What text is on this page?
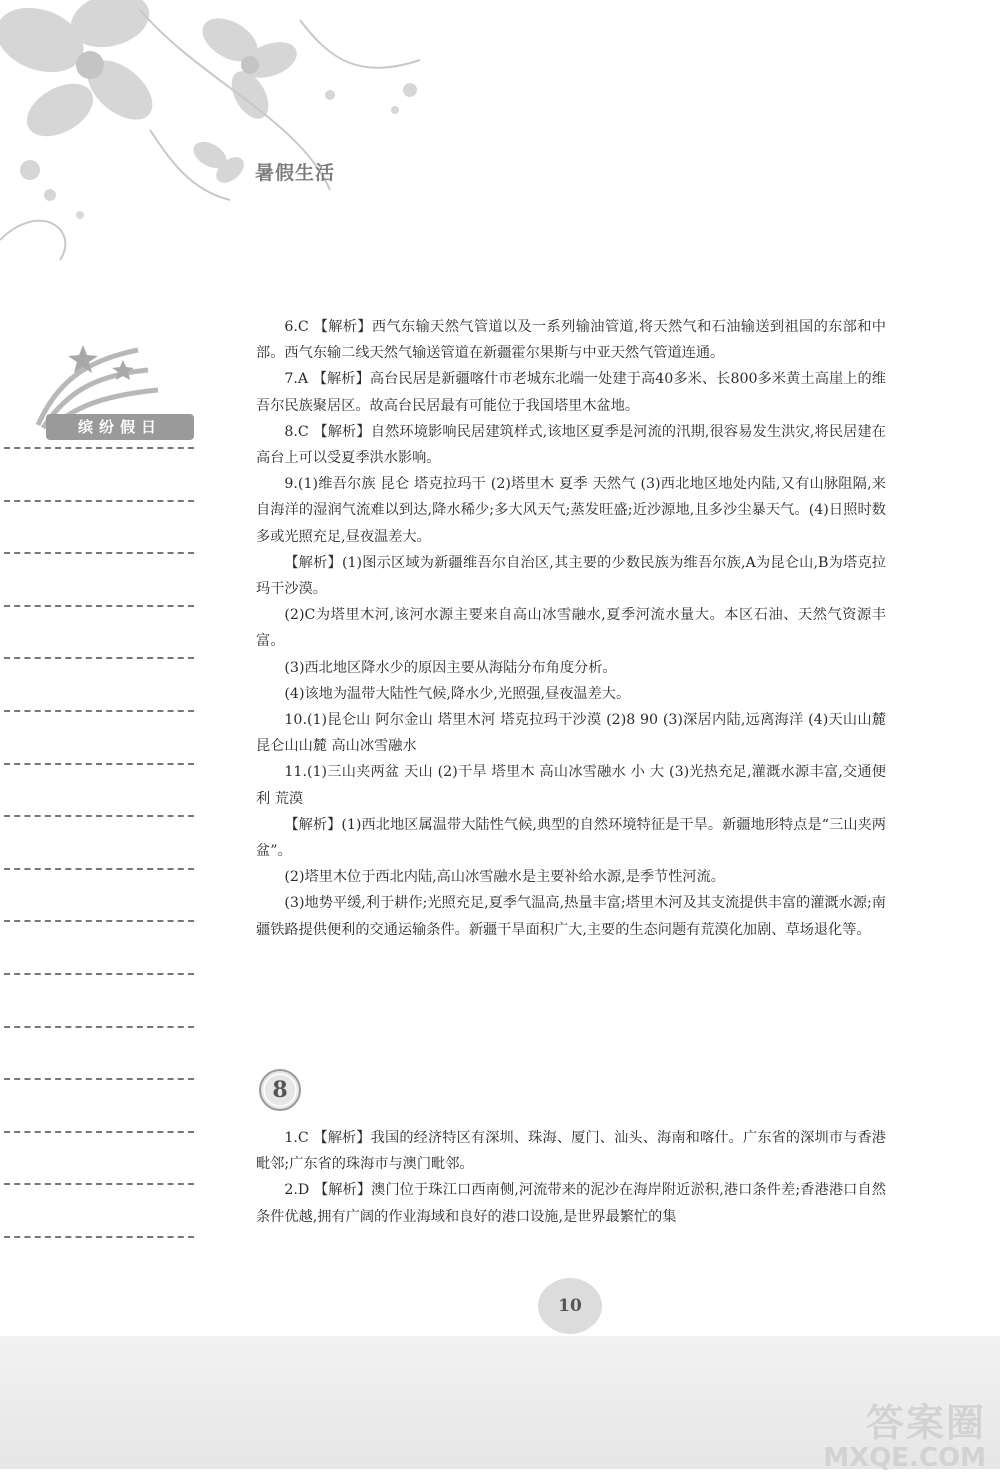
暑假生活
缤纷假日

6.C 【解析】西气东输天然气管道以及一系列输油管道,将天然气和石油输送到祖国的东部和中部。西气东输二线天然气输送管道在新疆霍尔果斯与中亚天然气管道连通。

7.A 【解析】高台民居是新疆喀什市老城东北端一处建于高40多米、长800多米黄土高崖上的维吾尔民族聚居区。故高台民居最有可能位于我国塔里木盆地。

8.C 【解析】自然环境影响民居建筑样式,该地区夏季是河流的汛期,很容易发生洪灾,将民居建在高台上可以受夏季洪水影响。

9.(1)维吾尔族 昆仑 塔克拉玛干 (2)塔里木 夏季 天然气 (3)西北地区地处内陆,又有山脉阻隔,来自海洋的湿润气流难以到达,降水稀少;多大风天气;蒸发旺盛;近沙源地,且多沙尘暴天气。(4)日照时数多或光照充足,昼夜温差大。

【解析】(1)图示区域为新疆维吾尔自治区,其主要的少数民族为维吾尔族,A为昆仑山,B为塔克拉玛干沙漠。

(2)C为塔里木河,该河水源主要来自高山冰雪融水,夏季河流水量大。本区石油、天然气资源丰富。

(3)西北地区降水少的原因主要从海陆分布角度分析。

(4)该地为温带大陆性气候,降水少,光照强,昼夜温差大。

10.(1)昆仑山 阿尔金山 塔里木河 塔克拉玛干沙漠 (2)8 90 (3)深居内陆,远离海洋 (4)天山山麓 昆仑山山麓 高山冰雪融水

11.(1)三山夹两盆 天山 (2)干旱 塔里木 高山冰雪融水 小 大 (3)光热充足,灌溉水源丰富,交通便利 荒漠

【解析】(1)西北地区属温带大陆性气候,典型的自然环境特征是干旱。新疆地形特点是“三山夹两盆”。

(2)塔里木位于西北内陆,高山冰雪融水是主要补给水源,是季节性河流。

(3)地势平缓,利于耕作;光照充足,夏季气温高,热量丰富;塔里木河及其支流提供丰富的灌溉水源;南疆铁路提供便利的交通运输条件。新疆干旱面积广大,主要的生态问题有荒漠化加剧、草场退化等。

8

1.C 【解析】我国的经济特区有深圳、珠海、厦门、汕头、海南和喀什。广东省的深圳市与香港毗邻;广东省的珠海市与澳门毗邻。

2.D 【解析】澳门位于珠江口西南侧,河流带来的泥沙在海岸附近淤积,港口条件差;香港港口自然条件优越,拥有广阔的作业海域和良好的港口设施,是世界最繁忙的集

10
答案圈
MXQE.COM
